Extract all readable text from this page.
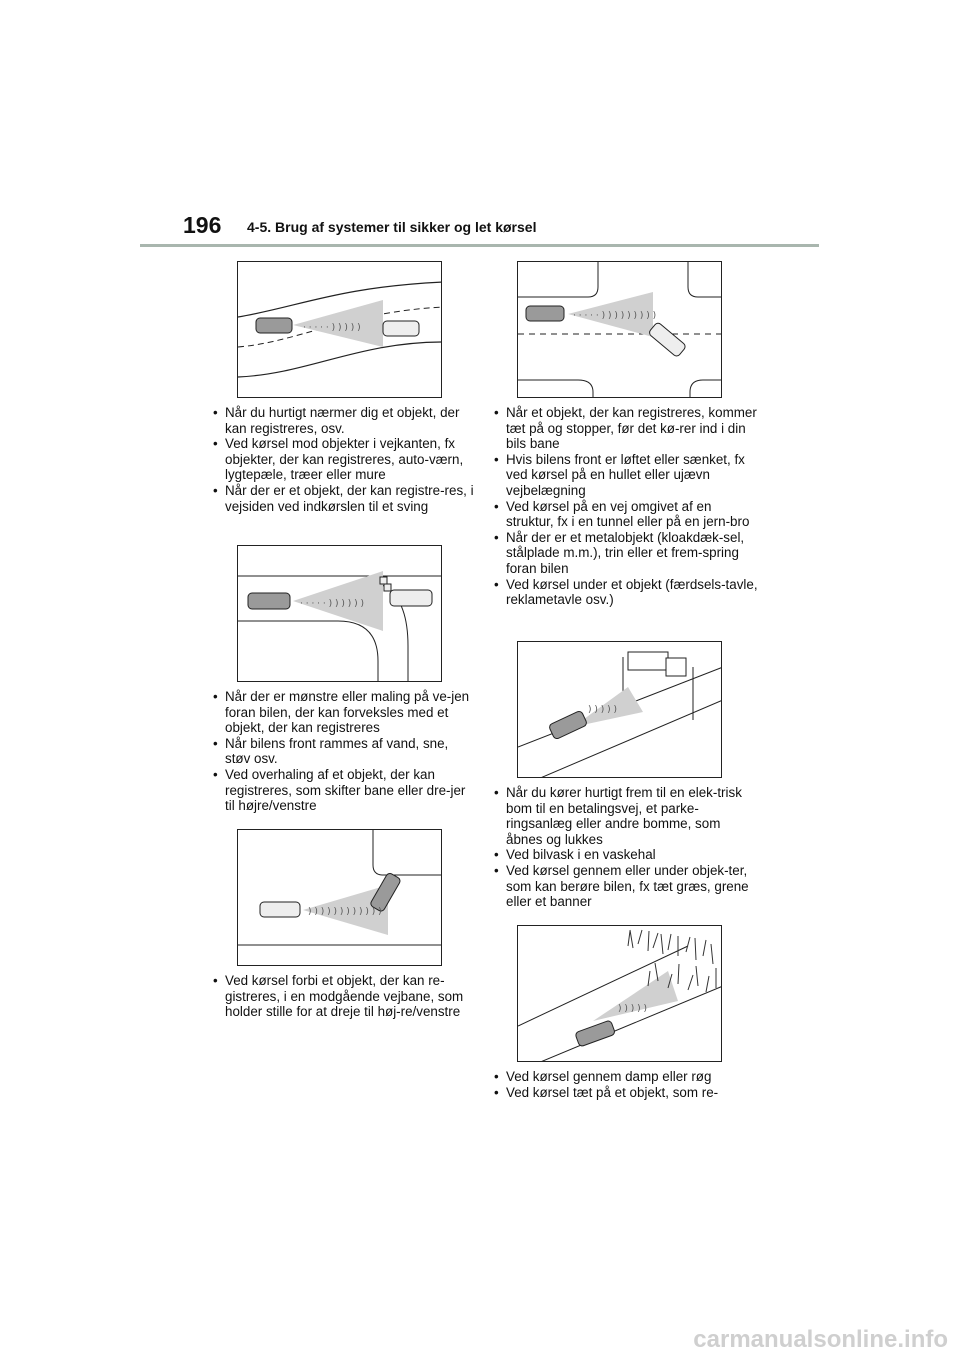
196 4-5. Brug af systemer til sikker og let kørsel
· · · · · ) ) ) ) )
• Når du hurtigt nærmer dig et objekt, der kan registreres, osv.
• Ved kørsel mod objekter i vejkanten, fx objekter, der kan registreres, auto-værn, lygtepæle, træer eller mure
• Når der er et objekt, der kan registre-res, i vejsiden ved indkørslen til et sving
· · · · · ) ) ) ) ) )
• Når der er mønstre eller maling på ve-jen foran bilen, der kan forveksles med et objekt, der kan registreres
• Når bilens front rammes af vand, sne, støv osv.
• Ved overhaling af et objekt, der kan registreres, som skifter bane eller dre-jer til højre/venstre
) ) ) ) ) ) ) ) ) ) ) )
• Ved kørsel forbi et objekt, der kan re-gistreres, i en modgående vejbane, som holder stille for at dreje til høj-re/venstre
· · · · · ) ) ) ) ) ) ) ) )
• Når et objekt, der kan registreres, kommer tæt på og stopper, før det kø-rer ind i din bils bane
• Hvis bilens front er løftet eller sænket, fx ved kørsel på en hullet eller ujævn vejbelægning
• Ved kørsel på en vej omgivet af en struktur, fx i en tunnel eller på en jern-bro
• Når der er et metalobjekt (kloakdæk-sel, stålplade m.m.), trin eller et frem-spring foran bilen
• Ved kørsel under et objekt (færdsels-tavle, reklametavle osv.)
) ) ) ) )
• Når du kører hurtigt frem til en elek-trisk bom til en betalingsvej, et parke-ringsanlæg eller andre bomme, som åbnes og lukkes
• Ved bilvask i en vaskehal
• Ved kørsel gennem eller under objek-ter, som kan berøre bilen, fx tæt græs, grene eller et banner
) ) ) ) )
• Ved kørsel gennem damp eller røg
• Ved kørsel tæt på et objekt, som re-
carmanualsonline.info
